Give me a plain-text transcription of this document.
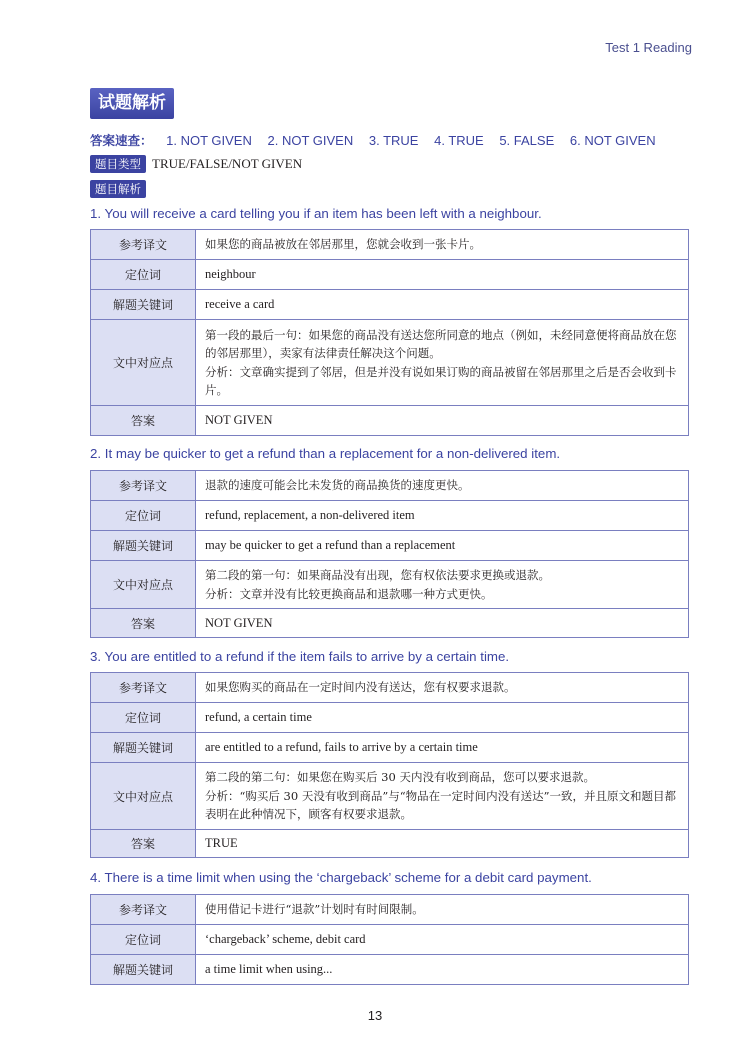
Test 1 Reading
试题解析
答案速查： 1. NOT GIVEN 2. NOT GIVEN 3. TRUE 4. TRUE 5. FALSE 6. NOT GIVEN
题目类型 TRUE/FALSE/NOT GIVEN
题目解析
1. You will receive a card telling you if an item has been left with a neighbour.
参考译文	如果您的商品被放在邻居那里，您就会收到一张卡片。
定位词	neighbour
解题关键词	receive a card
文中对应点	第一段的最后一句：如果您的商品没有送达您所同意的地点（例如，未经同意便将商品放在您的邻居那里），卖家有法律责任解决这个问题。
分析：文章确实提到了邻居，但是并没有说如果订购的商品被留在邻居那里之后是否会收到卡片。

答案	NOT GIVEN
2. It may be quicker to get a refund than a replacement for a non-delivered item.
参考译文	退款的速度可能会比未发货的商品换货的速度更快。
定位词	refund, replacement, a non-delivered item
解题关键词	may be quicker to get a refund than a replacement
文中对应点	第二段的第一句：如果商品没有出现，您有权依法要求更换或退款。
分析：文章并没有比较更换商品和退款哪一种方式更快。

答案	NOT GIVEN
3. You are entitled to a refund if the item fails to arrive by a certain time.
参考译文	如果您购买的商品在一定时间内没有送达，您有权要求退款。
定位词	refund, a certain time
解题关键词	are entitled to a refund, fails to arrive by a certain time
文中对应点	第二段的第二句：如果您在购买后 30 天内没有收到商品，您可以要求退款。
分析：“购买后 30 天没有收到商品”与“物品在一定时间内没有送达”一致，并且原文和题目都表明在此种情况下，顾客有权要求退款。

答案	TRUE
4. There is a time limit when using the ‘chargeback’ scheme for a debit card payment.
参考译文	使用借记卡进行“退款”计划时有时间限制。
定位词	‘chargeback’ scheme, debit card
解题关键词	a time limit when using...
13
